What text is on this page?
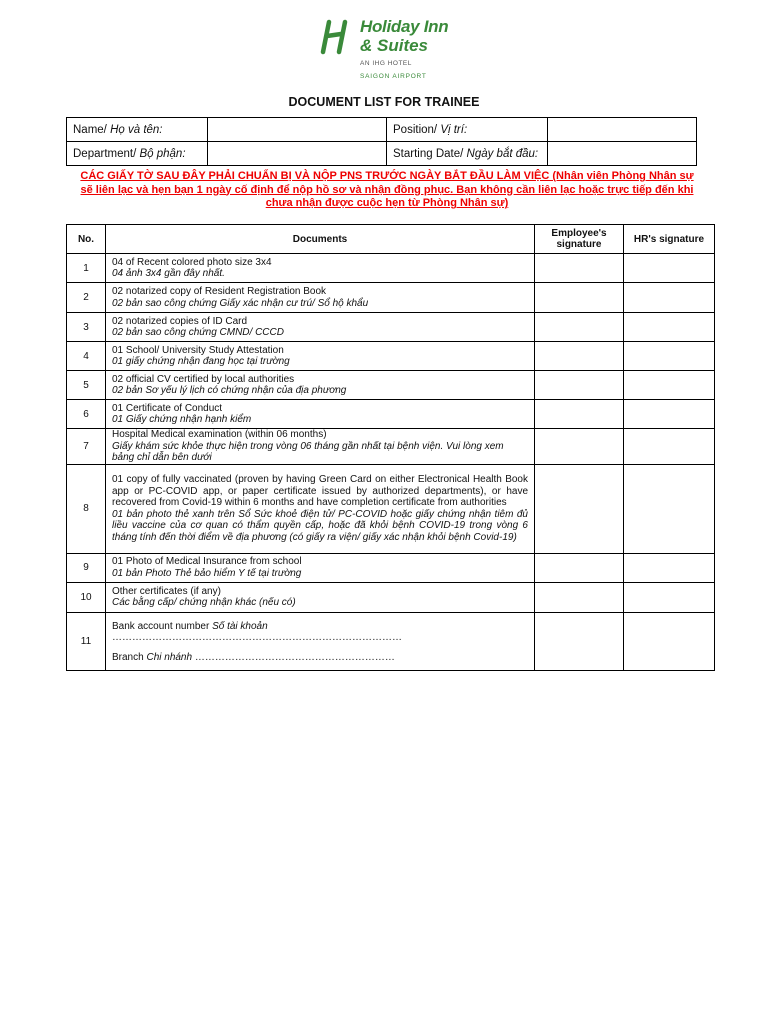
Holiday Inn
& Suites
AN IHG HOTEL
SAIGON AIRPORT
DOCUMENT LIST FOR TRAINEE
Name/ Họ và tên:		Position/ Vị trí:	
Department/ Bộ phận:		Starting Date/ Ngày bắt đầu:	
CÁC GIẤY TỜ SAU ĐÂY PHẢI CHUẨN BỊ VÀ NỘP PNS TRƯỚC NGÀY BẮT ĐẦU LÀM VIỆC (Nhân viên Phòng Nhân sự sẽ liên lạc và hẹn bạn 1 ngày cố định để nộp hồ sơ và nhận đồng phục. Bạn không cần liên lạc hoặc trực tiếp đến khi chưa nhận được cuộc hẹn từ Phòng Nhân sự)
No.	Documents	Employee's signature	HR's signature
1	04 of Recent colored photo size 3x4
04 ảnh 3x4 gần đây nhất.		

2	02 notarized copy of Resident Registration Book
02 bản sao công chứng Giấy xác nhận cư trú/ Sổ hộ khẩu		

3	02 notarized copies of ID Card
02 bản sao công chứng CMND/ CCCD		

4	01 School/ University Study Attestation
01 giấy chứng nhận đang học tại trường		

5	02 official CV certified by local authorities
02 bản Sơ yếu lý lịch có chứng nhận của địa phương		

6	01 Certificate of Conduct
01 Giấy chứng nhận hạnh kiểm		

7	Hospital Medical examination (within 06 months)
Giấy khám sức khỏe thực hiện trong vòng 06 tháng gần nhất tại bệnh viện. Vui lòng xem bảng chỉ dẫn bên dưới		

8	01 copy of fully vaccinated (proven by having Green Card on either Electronical Health Book app or PC-COVID app, or paper certificate issued by authorized departments), or have recovered from Covid-19 within 6 months and have completion certificate from authorities
01 bản photo thẻ xanh trên Sổ Sức khoẻ điện tử/ PC-COVID hoặc giấy chứng nhận tiêm đủ liều vaccine của cơ quan có thẩm quyền cấp, hoặc đã khỏi bệnh COVID-19 trong vòng 6 tháng tính đến thời điểm về địa phương (có giấy ra viện/ giấy xác nhận khỏi bệnh Covid-19)		

9	01 Photo of Medical Insurance from school
01 bản Photo Thẻ bảo hiểm Y tế tại trường		

10	Other certificates (if any)
Các bằng cấp/ chứng nhận khác (nếu có)		

11	Bank account number Số tài khoản
……………………………………………………………………………
Branch Chi nhánh ……………………………………………………		
